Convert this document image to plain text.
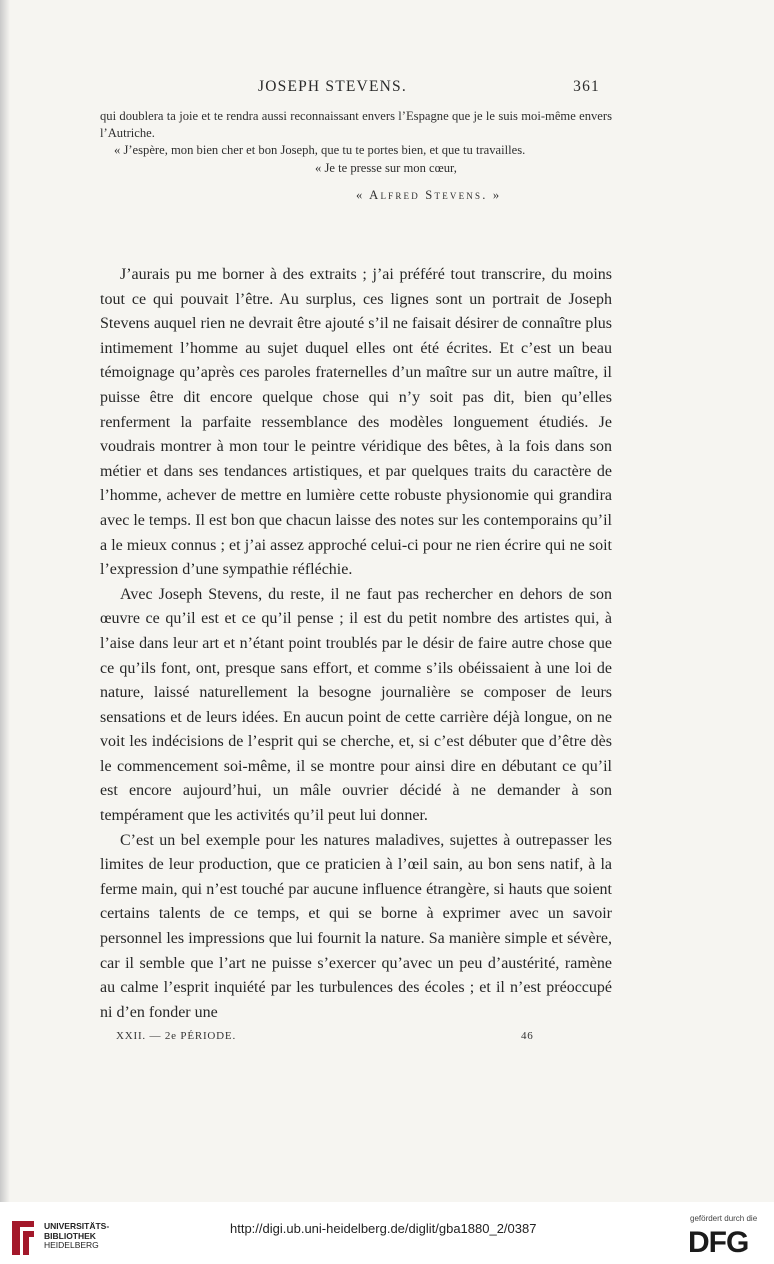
JOSEPH STEVENS.	361

qui doublera ta joie et te rendra aussi reconnaissant envers l’Espagne que je le suis moi-même envers l’Autriche.

« J’espère, mon bien cher et bon Joseph, que tu te portes bien, et que tu travailles.

« Je te presse sur mon cœur,

« Alfred Stevens. »

J’aurais pu me borner à des extraits ; j’ai préféré tout transcrire, du moins tout ce qui pouvait l’être. Au surplus, ces lignes sont un portrait de Joseph Stevens auquel rien ne devrait être ajouté s’il ne faisait désirer de connaître plus intimement l’homme au sujet duquel elles ont été écrites. Et c’est un beau témoignage qu’après ces paroles fraternelles d’un maître sur un autre maître, il puisse être dit encore quelque chose qui n’y soit pas dit, bien qu’elles renferment la parfaite ressemblance des modèles longuement étudiés. Je voudrais montrer à mon tour le peintre véridique des bêtes, à la fois dans son métier et dans ses tendances artistiques, et par quelques traits du caractère de l’homme, achever de mettre en lumière cette robuste physionomie qui grandira avec le temps. Il est bon que chacun laisse des notes sur les contemporains qu’il a le mieux connus ; et j’ai assez approché celui-ci pour ne rien écrire qui ne soit l’expression d’une sympathie réfléchie.

Avec Joseph Stevens, du reste, il ne faut pas rechercher en dehors de son œuvre ce qu’il est et ce qu’il pense ; il est du petit nombre des artistes qui, à l’aise dans leur art et n’étant point troublés par le désir de faire autre chose que ce qu’ils font, ont, presque sans effort, et comme s’ils obéissaient à une loi de nature, laissé naturellement la besogne journalière se composer de leurs sensations et de leurs idées. En aucun point de cette carrière déjà longue, on ne voit les indécisions de l’esprit qui se cherche, et, si c’est débuter que d’être dès le commencement soi-même, il se montre pour ainsi dire en débutant ce qu’il est encore aujourd’hui, un mâle ouvrier décidé à ne demander à son tempérament que les activités qu’il peut lui donner.

C’est un bel exemple pour les natures maladives, sujettes à outrepasser les limites de leur production, que ce praticien à l’œil sain, au bon sens natif, à la ferme main, qui n’est touché par aucune influence étrangère, si hauts que soient certains talents de ce temps, et qui se borne à exprimer avec un savoir personnel les impressions que lui fournit la nature. Sa manière simple et sévère, car il semble que l’art ne puisse s’exercer qu’avec un peu d’austérité, ramène au calme l’esprit inquiété par les turbulences des écoles ; et il n’est préoccupé ni d’en fonder une

XXII. — 2e PÉRIODE.	46
UNIVERSITÄTS-
BIBLIOTHEK
HEIDELBERG
http://digi.ub.uni-heidelberg.de/diglit/gba1880_2/0387
gefördert durch die
DFG
